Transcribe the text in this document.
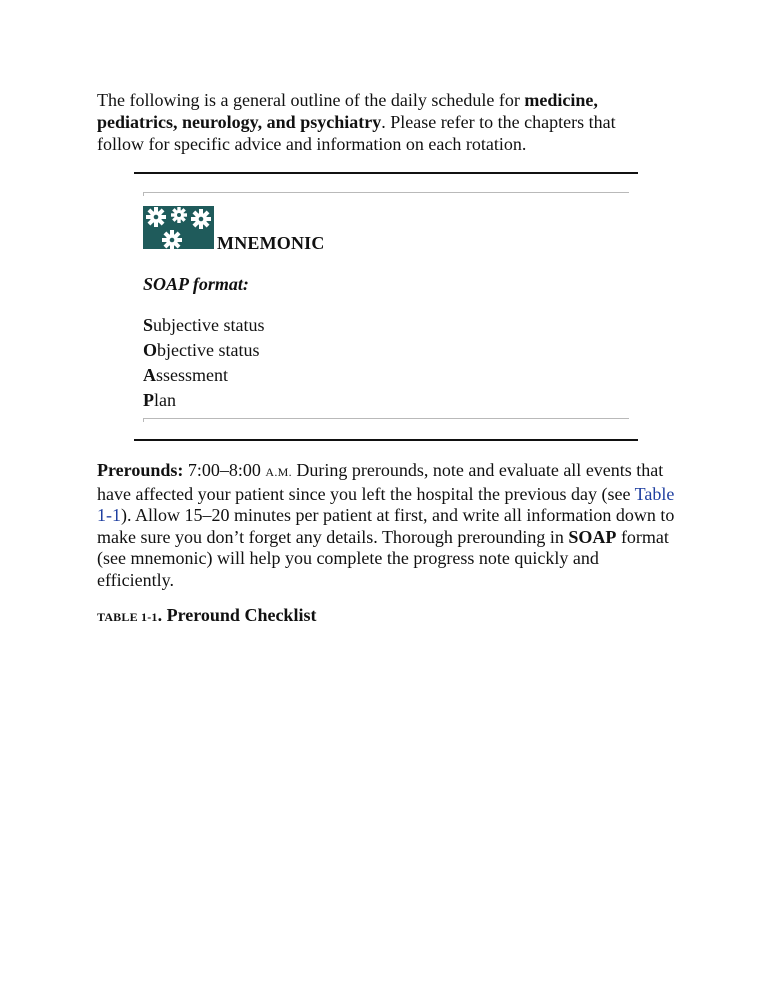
The following is a general outline of the daily schedule for medicine, pediatrics, neurology, and psychiatry. Please refer to the chapters that follow for specific advice and information on each rotation.

MNEMONIC
SOAP format:
Subjective status
Objective status
Assessment
Plan

Prerounds: 7:00–8:00 A.M. During prerounds, note and evaluate all events that have affected your patient since you left the hospital the previous day (see Table 1-1). Allow 15–20 minutes per patient at first, and write all information down to make sure you don’t forget any details. Thorough prerounding in SOAP format (see mnemonic) will help you complete the progress note quickly and efficiently.

TABLE 1-1. Preround Checklist
